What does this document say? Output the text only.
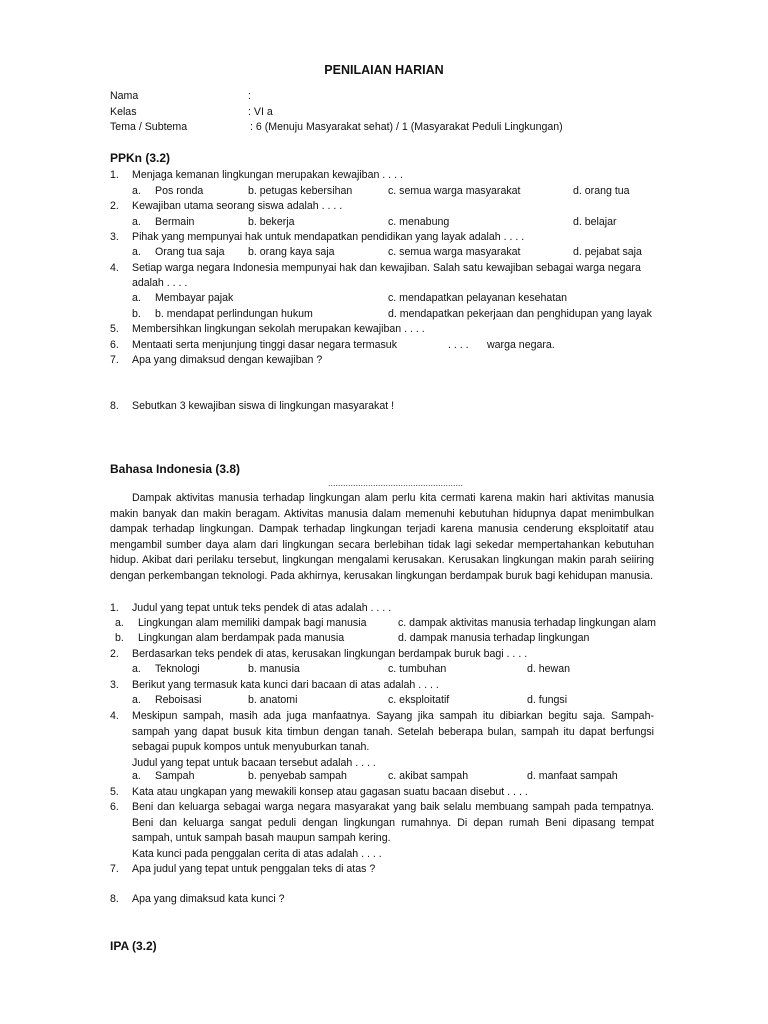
PENILAIAN HARIAN
Nama	:
Kelas	: VI a
Tema / Subtema	: 6 (Menuju Masyarakat sehat) / 1 (Masyarakat Peduli Lingkungan)
PPKn (3.2)
1. Menjaga kemanan lingkungan merupakan kewajiban . . . .
a. Pos ronda	b. petugas kebersihan	c. semua warga masyarakat	d. orang tua
2. Kewajiban utama seorang siswa adalah . . . .
a. Bermain	b. bekerja	c. menabung	d. belajar
3. Pihak yang mempunyai hak untuk mendapatkan pendidikan yang layak adalah . . . .
a. Orang tua saja b. orang kaya saja	c. semua warga masyarakat	d. pejabat saja
4. Setiap warga negara Indonesia mempunyai hak dan kewajiban. Salah satu kewajiban sebagai warga negara
adalah . . . .
a. Membayar pajak	c. mendapatkan pelayanan kesehatan
b. b. mendapat perlindungan hukum	d. mendapatkan pekerjaan dan penghidupan yang layak
5. Membersihkan lingkungan sekolah merupakan kewajiban . . . .
6. Mentaati serta menjunjung tinggi dasar negara termasuk	. . . . warga negara.
7. Apa yang dimaksud dengan kewajiban ?
8. Sebutkan 3 kewajiban siswa di lingkungan masyarakat !
Bahasa Indonesia (3.8)
......................................................

Dampak aktivitas manusia terhadap lingkungan alam perlu kita cermati karena makin hari aktivitas manusia makin banyak dan makin beragam. Aktivitas manusia dalam memenuhi kebutuhan hidupnya dapat menimbulkan dampak terhadap lingkungan. Dampak terhadap lingkungan terjadi karena manusia cenderung eksploitatif atau mengambil sumber daya alam dari lingkungan secara berlebihan tidak lagi sekedar mempertahankan kebutuhan hidup. Akibat dari perilaku tersebut, lingkungan mengalami kerusakan. Kerusakan lingkungan makin parah seiiring dengan perkembangan teknologi. Pada akhirnya, kerusakan lingkungan berdampak buruk bagi kehidupan manusia.

1. Judul yang tepat untuk teks pendek di atas adalah . . . .
a. Lingkungan alam memiliki dampak bagi manusia	c. dampak aktivitas manusia terhadap lingkungan alam
b. Lingkungan alam berdampak pada manusia	d. dampak manusia terhadap lingkungan
2. Berdasarkan teks pendek di atas, kerusakan lingkungan berdampak buruk bagi . . . .
a. Teknologi	b. manusia	c. tumbuhan	d. hewan
3. Berikut yang termasuk kata kunci dari bacaan di atas adalah . . . .
a. Reboisasi	b. anatomi	c. eksploitatif	d. fungsi
4. Meskipun sampah, masih ada juga manfaatnya. Sayang jika sampah itu dibiarkan begitu saja. Sampah-sampah yang dapat busuk kita timbun dengan tanah. Setelah beberapa bulan, sampah itu dapat berfungsi sebagai pupuk kompos untuk menyuburkan tanah.

Judul yang tepat untuk bacaan tersebut adalah . . . .

a. Sampah	b. penyebab sampah	c. akibat sampah	d. manfaat sampah
5. Kata atau ungkapan yang mewakili konsep atau gagasan suatu bacaan disebut . . . .
6. Beni dan keluarga sebagai warga negara masyarakat yang baik selalu membuang sampah pada tempatnya. Beni dan keluarga sangat peduli dengan lingkungan rumahnya. Di depan rumah Beni dipasang tempat sampah, untuk sampah basah maupun sampah kering.

Kata kunci pada penggalan cerita di atas adalah . . . .

7. Apa judul yang tepat untuk penggalan teks di atas ?
8. Apa yang dimaksud kata kunci ?
IPA (3.2)
